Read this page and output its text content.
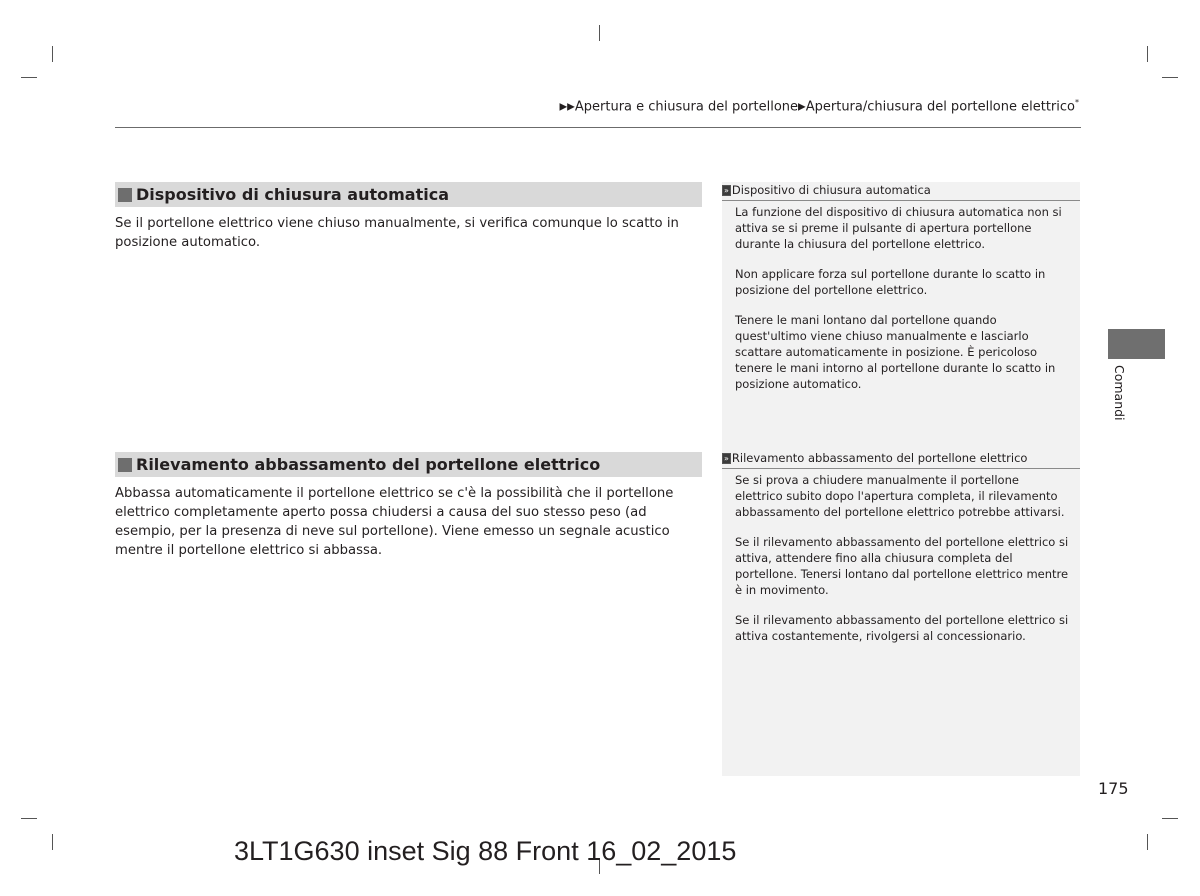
▶▶Apertura e chiusura del portellone▶Apertura/chiusura del portellone elettrico*
Dispositivo di chiusura automatica
Se il portellone elettrico viene chiuso manualmente, si verifica comunque lo scatto in posizione automatico.
» Dispositivo di chiusura automatica

La funzione del dispositivo di chiusura automatica non si attiva se si preme il pulsante di apertura portellone durante la chiusura del portellone elettrico.

Non applicare forza sul portellone durante lo scatto in posizione del portellone elettrico.

Tenere le mani lontano dal portellone quando quest'ultimo viene chiuso manualmente e lasciarlo scattare automaticamente in posizione. È pericoloso tenere le mani intorno al portellone durante lo scatto in posizione automatico.

Rilevamento abbassamento del portellone elettrico
Abbassa automaticamente il portellone elettrico se c'è la possibilità che il portellone elettrico completamente aperto possa chiudersi a causa del suo stesso peso (ad esempio, per la presenza di neve sul portellone). Viene emesso un segnale acustico mentre il portellone elettrico si abbassa.
» Rilevamento abbassamento del portellone elettrico

Se si prova a chiudere manualmente il portellone elettrico subito dopo l'apertura completa, il rilevamento abbassamento del portellone elettrico potrebbe attivarsi.

Se il rilevamento abbassamento del portellone elettrico si attiva, attendere fino alla chiusura completa del portellone. Tenersi lontano dal portellone elettrico mentre è in movimento.

Se il rilevamento abbassamento del portellone elettrico si attiva costantemente, rivolgersi al concessionario.

Comandi
175
3LT1G630 inset Sig 88 Front 16_02_2015
